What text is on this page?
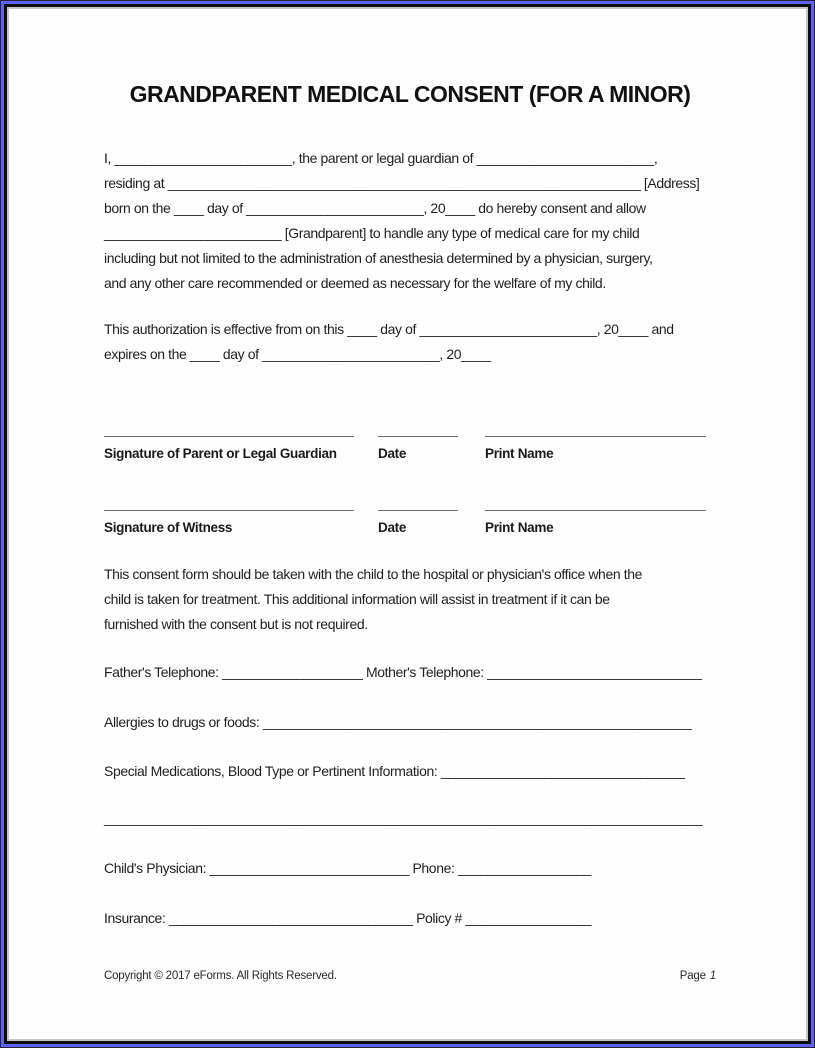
GRANDPARENT MEDICAL CONSENT (FOR A MINOR)
I, ________________________, the parent or legal guardian of ________________________,
residing at ________________________________________________________________ [Address]
born on the ____ day of ________________________, 20____ do hereby consent and allow
________________________ [Grandparent] to handle any type of medical care for my child
including but not limited to the administration of anesthesia determined by a physician, surgery,
and any other care recommended or deemed as necessary for the welfare of my child.
This authorization is effective from on this ____ day of ________________________, 20____ and
expires on the ____ day of ________________________, 20____
Signature of Parent or Legal Guardian	Date	Print Name
Signature of Witness	Date	Print Name
This consent form should be taken with the child to the hospital or physician's office when the
child is taken for treatment. This additional information will assist in treatment if it can be
furnished with the consent but is not required.
Father's Telephone: ___________________ Mother's Telephone: _____________________________
Allergies to drugs or foods: __________________________________________________________
Special Medications, Blood Type or Pertinent Information: _________________________________
_________________________________________________________________________________
Child's Physician: ___________________________ Phone: __________________
Insurance: _________________________________ Policy # _________________
Copyright © 2017 eForms. All Rights Reserved.	Page 1
